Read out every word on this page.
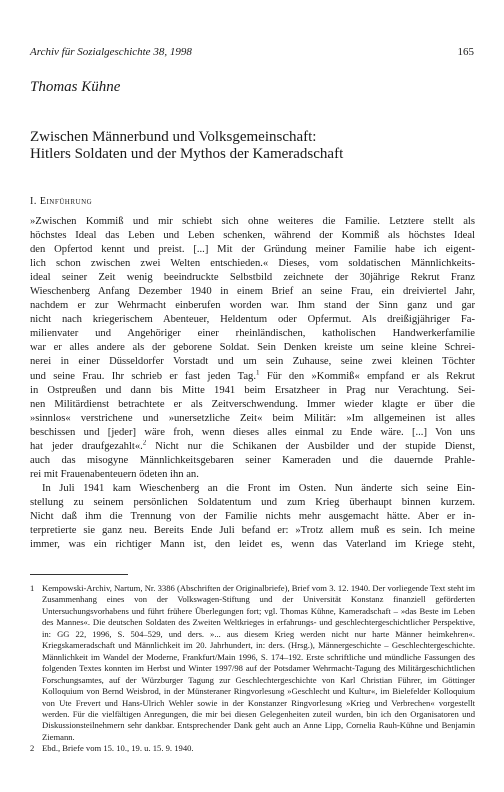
Archiv für Sozialgeschichte 38, 1998	165
Thomas Kühne
Zwischen Männerbund und Volksgemeinschaft:
Hitlers Soldaten und der Mythos der Kameradschaft
I. Einführung
»Zwischen Kommiß und mir schiebt sich ohne weiteres die Familie. Letztere stellt als
höchstes Ideal das Leben und Leben schenken, während der Kommiß als höchstes Ideal
den Opfertod kennt und preist. [...] Mit der Gründung meiner Familie habe ich eigent-
lich schon zwischen zwei Welten entschieden.« Dieses, vom soldatischen Männlichkeits-
ideal seiner Zeit wenig beeindruckte Selbstbild zeichnete der 30jährige Rekrut Franz
Wieschenberg Anfang Dezember 1940 in einem Brief an seine Frau, ein dreiviertel Jahr,
nachdem er zur Wehrmacht einberufen worden war. Ihm stand der Sinn ganz und gar
nicht nach kriegerischem Abenteuer, Heldentum oder Opfermut. Als dreißigjähriger Fa-
milienvater und Angehöriger einer rheinländischen, katholischen Handwerkerfamilie
war er alles andere als der geborene Soldat. Sein Denken kreiste um seine kleine Schrei-
nerei in einer Düsseldorfer Vorstadt und um sein Zuhause, seine zwei kleinen Töchter
und seine Frau. Ihr schrieb er fast jeden Tag.$^1$ Für den »Kommiß« empfand er als Rekrut
in Ostpreußen und dann bis Mitte 1941 beim Ersatzheer in Prag nur Verachtung. Sei-
nen Militärdienst betrachtete er als Zeitverschwendung. Immer wieder klagte er über die
»sinnlos« verstrichene und »unersetzliche Zeit« beim Militär: »Im allgemeinen ist alles
beschissen und [jeder] wäre froh, wenn dieses alles einmal zu Ende wäre. [...] Von uns
hat jeder draufgezahlt«.$^2$ Nicht nur die Schikanen der Ausbilder und der stupide Dienst,
auch das misogyne Männlichkeitsgebaren seiner Kameraden und die dauernde Prahle-
rei mit Frauenabenteuern ödeten ihn an.
In Juli 1941 kam Wieschenberg an die Front im Osten. Nun änderte sich seine Ein-
stellung zu seinem persönlichen Soldatentum und zum Krieg überhaupt binnen kurzem.
Nicht daß ihm die Trennung von der Familie nichts mehr ausgemacht hätte. Aber er in-
terpretierte sie ganz neu. Bereits Ende Juli befand er: »Trotz allem muß es sein. Ich meine
immer, was ein richtiger Mann ist, den leidet es, wenn das Vaterland im Kriege steht,
1 Kempowski-Archiv, Nartum, Nr. 3386 (Abschriften der Originalbriefe), Brief vom 3. 12. 1940. Der vorliegende Text steht im Zusammenhang eines von der Volkswagen-Stiftung und der Universität Konstanz finanziell geförderten Untersuchungsvorhabens und führt frühere Überlegungen fort; vgl. Thomas Kühne, Kameradschaft – »das Beste im Leben des Mannes«. Die deutschen Soldaten des Zweiten Weltkrieges in erfahrungs- und geschlechtergeschichtlicher Perspektive, in: GG 22, 1996, S. 504–529, und ders. »... aus diesem Krieg werden nicht nur harte Männer heimkehren«. Kriegskameradschaft und Männlichkeit im 20. Jahrhundert, in: ders. (Hrsg.), Männergeschichte – Geschlechtergeschichte. Männlichkeit im Wandel der Moderne, Frankfurt/Main 1996, S. 174–192. Erste schriftliche und mündliche Fassungen des folgenden Textes konnten im Herbst und Winter 1997/98 auf der Potsdamer Wehrmacht-Tagung des Militärgeschichtlichen Forschungsamtes, auf der Würzburger Tagung zur Geschlechtergeschichte von Karl Christian Führer, im Göttinger Kolloquium von Bernd Weisbrod, in der Münsteraner Ringvorlesung »Geschlecht und Kultur«, im Bielefelder Kolloquium von Ute Frevert und Hans-Ulrich Wehler sowie in der Konstanzer Ringvorlesung »Krieg und Verbrechen« vorgestellt werden. Für die vielfältigen Anregungen, die mir bei diesen Gelegenheiten zuteil wurden, bin ich den Organisatoren und Diskussionsteilnehmern sehr dankbar. Entsprechender Dank geht auch an Anne Lipp, Cornelia Rauh-Kühne und Benjamin Ziemann.
2 Ebd., Briefe vom 15. 10., 19. u. 15. 9. 1940.
